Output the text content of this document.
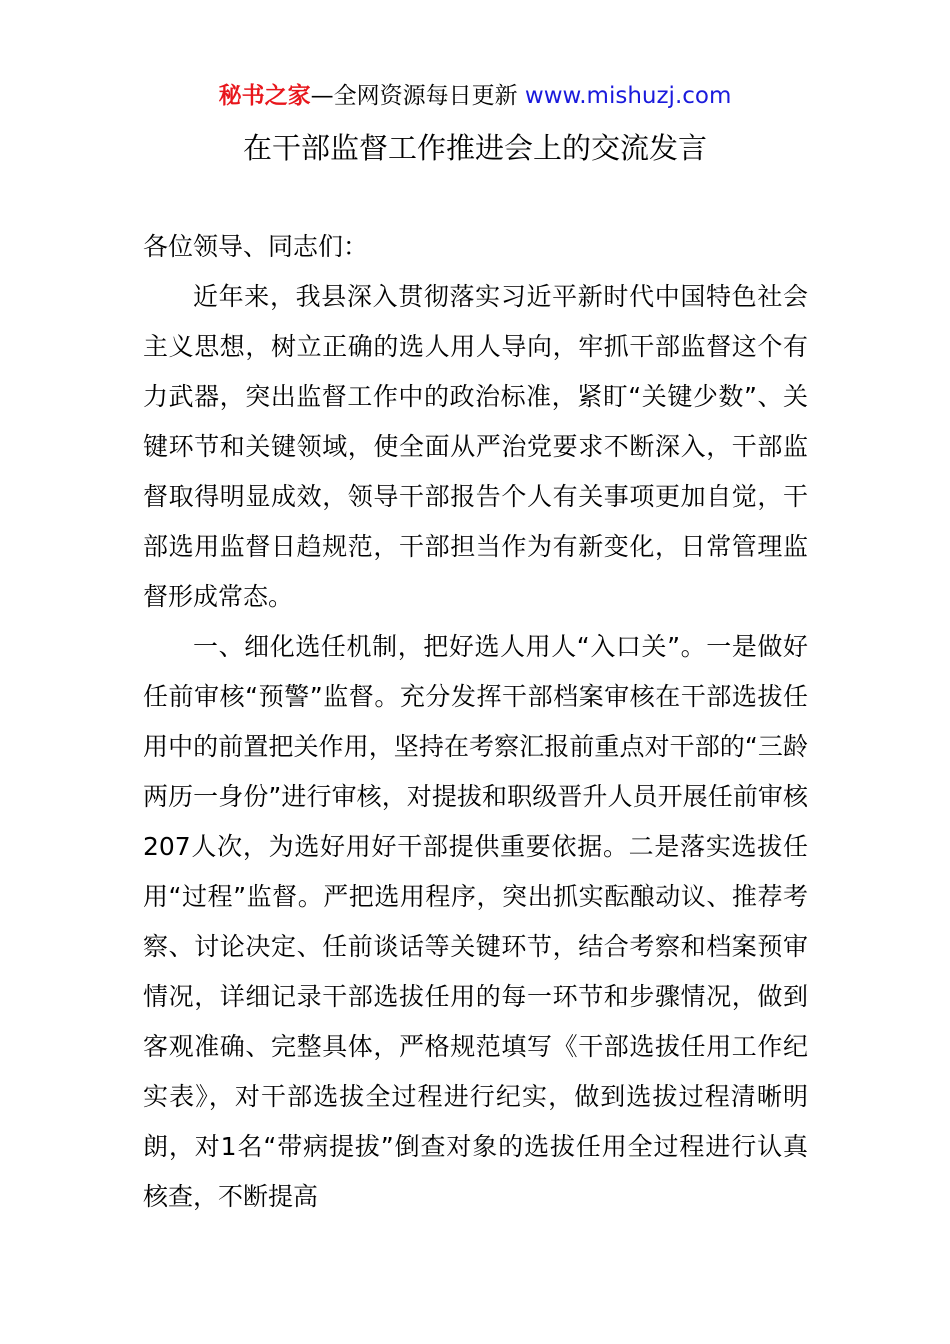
秘书之家—全网资源每日更新 www.mishuzj.com
在干部监督工作推进会上的交流发言

各位领导、同志们：

近年来，我县深入贯彻落实习近平新时代中国特色社会主义思想，树立正确的选人用人导向，牢抓干部监督这个有力武器，突出监督工作中的政治标准，紧盯“关键少数”、关键环节和关键领域，使全面从严治党要求不断深入，干部监督取得明显成效，领导干部报告个人有关事项更加自觉，干部选用监督日趋规范，干部担当作为有新变化，日常管理监督形成常态。

一、细化选任机制，把好选人用人“入口关”。一是做好任前审核“预警”监督。充分发挥干部档案审核在干部选拔任用中的前置把关作用，坚持在考察汇报前重点对干部的“三龄两历一身份”进行审核，对提拔和职级晋升人员开展任前审核207人次，为选好用好干部提供重要依据。二是落实选拔任用“过程”监督。严把选用程序，突出抓实酝酿动议、推荐考察、讨论决定、任前谈话等关键环节，结合考察和档案预审情况，详细记录干部选拔任用的每一环节和步骤情况，做到客观准确、完整具体，严格规范填写《干部选拔任用工作纪实表》，对干部选拔全过程进行纪实，做到选拔过程清晰明朗，对1名“带病提拔”倒查对象的选拔任用全过程进行认真核查，不断提高
